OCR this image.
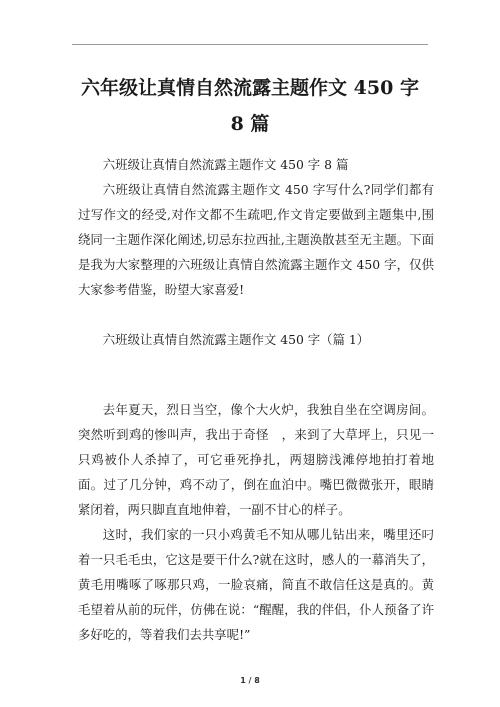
六年级让真情自然流露主题作文 450 字 8 篇

六班级让真情自然流露主题作文 450 字 8 篇

六班级让真情自然流露主题作文 450 字写什么?同学们都有过写作文的经受,对作文都不生疏吧,作文肯定要做到主题集中,围绕同一主题作深化阐述,切忌东拉西扯,主题涣散甚至无主题。下面是我为大家整理的六班级让真情自然流露主题作文 450 字，仅供大家参考借鉴，盼望大家喜爱!

六班级让真情自然流露主题作文 450 字（篇 1）

去年夏天，烈日当空，像个大火炉，我独自坐在空调房间。突然听到鸡的惨叫声，我出于奇怪　，来到了大草坪上，只见一只鸡被仆人杀掉了，可它垂死挣扎，两翅膀浅滩停地拍打着地面。过了几分钟，鸡不动了，倒在血泊中。嘴巴微微张开，眼睛紧闭着，两只脚直直地伸着，一副不甘心的样子。

这时，我们家的一只小鸡黄毛不知从哪儿钻出来，嘴里还叼着一只毛毛虫，它这是要干什么?就在这时，感人的一幕消失了，黄毛用嘴啄了啄那只鸡，一脸哀痛，简直不敢信任这是真的。黄毛望着从前的玩伴，仿佛在说：“醒醒，我的伴侣，仆人预备了许多好吃的，等着我们去共享呢!”

1 / 8
